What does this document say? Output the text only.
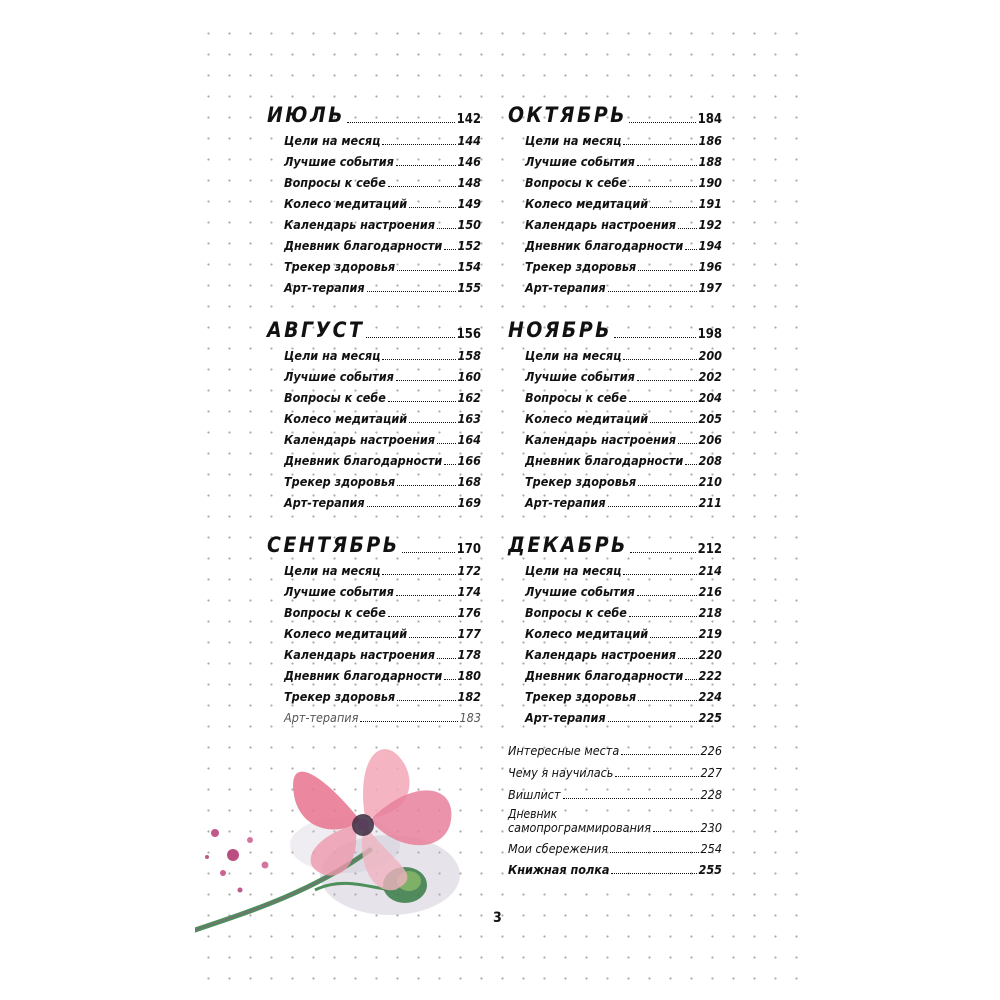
ИЮЛЬ	142
Цели на месяц	144
Лучшие события	146
Вопросы к себе	148
Колесо медитаций	149
Календарь настроения 150
Дневник благодарности 152
Трекер здоровья	154
Арт-терапия	155
АВГУСТ	156
Цели на месяц	158
Лучшие события	160
Вопросы к себе	162
Колесо медитаций	163
Календарь настроения 164
Дневник благодарности 166
Трекер здоровья	168
Арт-терапия	169
СЕНТЯБРЬ	170
Цели на месяц	172
Лучшие события	174
Вопросы к себе	176
Колесо медитаций	177
Календарь настроения 178
Дневник благодарности 180
Трекер здоровья	182
Арт-терапия	183
ОКТЯБРЬ	184
Цели на месяц	186
Лучшие события	188
Вопросы к себе	190
Колесо медитаций	191
Календарь настроения 192
Дневник благодарности 194
Трекер здоровья	196
Арт-терапия	197
НОЯБРЬ	198
Цели на месяц	200
Лучшие события	202
Вопросы к себе	204
Колесо медитаций	205
Календарь настроения 206
Дневник благодарности 208
Трекер здоровья	210
Арт-терапия	211
ДЕКАБРЬ	212
Цели на месяц	214
Лучшие события	216
Вопросы к себе	218
Колесо медитаций	219
Календарь настроения 220
Дневник благодарности 222
Трекер здоровья	224
Арт-терапия	225
Интересные места	226
Чему я научилась	227
Вишлист	228
Дневник
самопрограммирования	230
Мои сбережения	254
Книжная полка	255
3
